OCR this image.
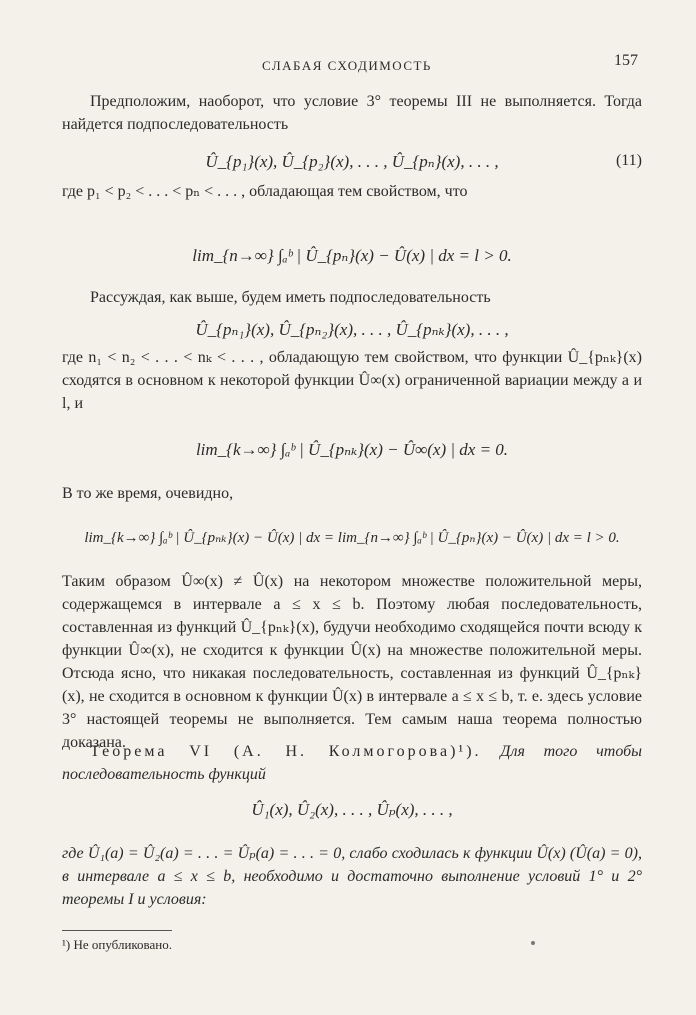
СЛАБАЯ СХОДИМОСТЬ	157

Предположим, наоборот, что условие 3° теоремы III не выполняется. Тогда найдется подпоследовательность

Û_{p₁}(x), Û_{p₂}(x), . . . , Û_{pₙ}(x), . . . ,	(11)

где p₁ < p₂ < . . . < pₙ < . . . , обладающая тем свойством, что

lim_{n→∞} ∫ₐᵇ | Û_{pₙ}(x) − Û(x) | dx = l > 0.

Рассуждая, как выше, будем иметь подпоследовательность

Û_{pₙ₁}(x), Û_{pₙ₂}(x), . . . , Û_{pₙₖ}(x), . . . ,

где n₁ < n₂ < . . . < nₖ < . . . , обладающую тем свойством, что функции Û_{pₙₖ}(x) сходятся в основном к некоторой функции Û∞(x) ограниченной вариации между a и l, и

lim_{k→∞} ∫ₐᵇ | Û_{pₙₖ}(x) − Û∞(x) | dx = 0.

В то же время, очевидно,

lim_{k→∞} ∫ₐᵇ | Û_{pₙₖ}(x) − Û(x) | dx = lim_{n→∞} ∫ₐᵇ | Û_{pₙ}(x) − Û(x) | dx = l > 0.

Таким образом Û∞(x) ≠ Û(x) на некотором множестве положительной меры, содержащемся в интервале a ≤ x ≤ b. Поэтому любая последовательность, составленная из функций Û_{pₙₖ}(x), будучи необходимо сходящейся почти всюду к функции Û∞(x), не сходится к функции Û(x) на множестве положительной меры. Отсюда ясно, что никакая последовательность, составленная из функций Û_{pₙₖ}(x), не сходится в основном к функции Û(x) в интервале a ≤ x ≤ b, т. е. здесь условие 3° настоящей теоремы не выполняется. Тем самым наша теорема полностью доказана.

Теорема VI (А. Н. Колмогорова)¹). Для того чтобы последовательность функций

Û₁(x), Û₂(x), . . . , Ûₚ(x), . . . ,

где Û₁(a) = Û₂(a) = . . . = Ûₚ(a) = . . . = 0, слабо сходилась к функции Û(x) (Û(a) = 0), в интервале a ≤ x ≤ b, необходимо и достаточно выполнение условий 1° и 2° теоремы I и условия:

¹) Не опубликовано.
